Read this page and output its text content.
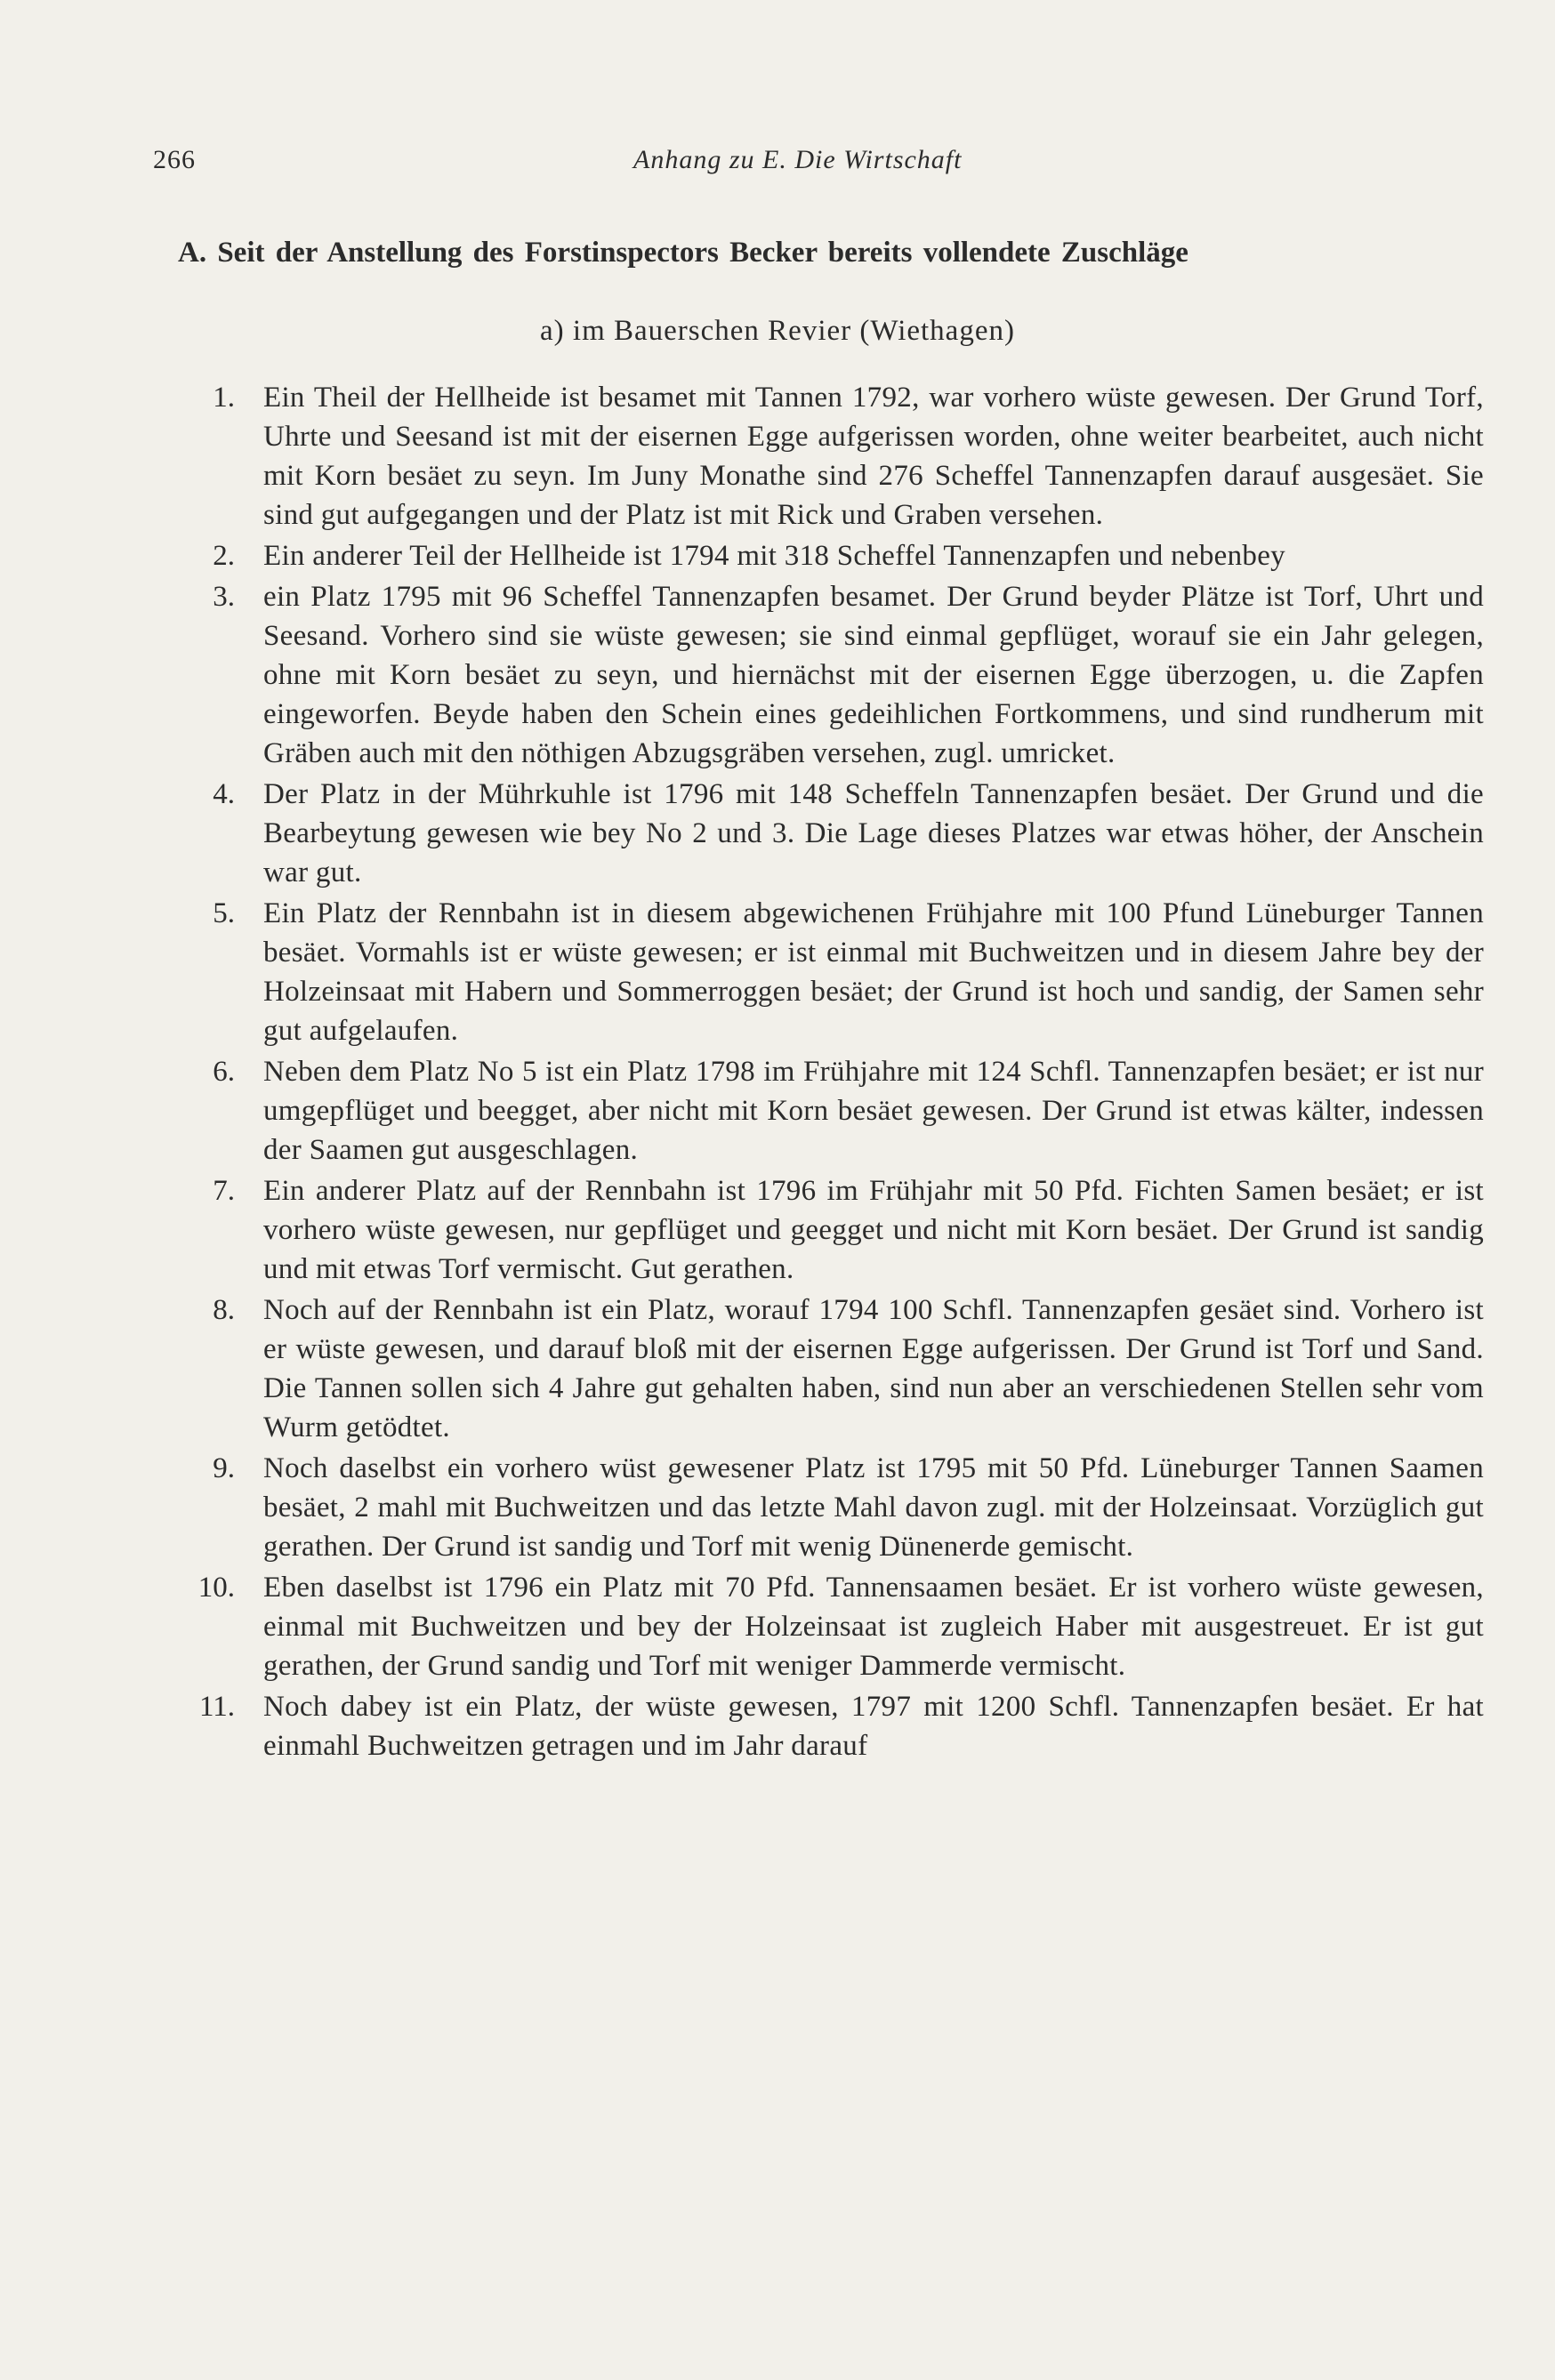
266	Anhang zu E. Die Wirtschaft
A. Seit der Anstellung des Forstinspectors Becker bereits vollendete Zuschläge
a) im Bauerschen Revier (Wiethagen)
1. Ein Theil der Hellheide ist besamet mit Tannen 1792, war vorhero wüste gewesen. Der Grund Torf, Uhrte und Seesand ist mit der eisernen Egge aufgerissen worden, ohne weiter bearbeitet, auch nicht mit Korn besäet zu seyn. Im Juny Monathe sind 276 Scheffel Tannenzapfen darauf ausgesäet. Sie sind gut aufgegangen und der Platz ist mit Rick und Graben versehen.
2. Ein anderer Teil der Hellheide ist 1794 mit 318 Scheffel Tannenzapfen und nebenbey
3. ein Platz 1795 mit 96 Scheffel Tannenzapfen besamet. Der Grund beyder Plätze ist Torf, Uhrt und Seesand. Vorhero sind sie wüste gewesen; sie sind einmal gepflüget, worauf sie ein Jahr gelegen, ohne mit Korn besäet zu seyn, und hiernächst mit der eisernen Egge überzogen, u. die Zapfen eingeworfen. Beyde haben den Schein eines gedeihlichen Fortkommens, und sind rundherum mit Gräben auch mit den nöthigen Abzugsgräben versehen, zugl. umricket.
4. Der Platz in der Mührkuhle ist 1796 mit 148 Scheffeln Tannenzapfen besäet. Der Grund und die Bearbeytung gewesen wie bey No 2 und 3. Die Lage dieses Platzes war etwas höher, der Anschein war gut.
5. Ein Platz der Rennbahn ist in diesem abgewichenen Frühjahre mit 100 Pfund Lüneburger Tannen besäet. Vormahls ist er wüste gewesen; er ist einmal mit Buchweitzen und in diesem Jahre bey der Holzeinsaat mit Habern und Sommerroggen besäet; der Grund ist hoch und sandig, der Samen sehr gut aufgelaufen.
6. Neben dem Platz No 5 ist ein Platz 1798 im Frühjahre mit 124 Schfl. Tannenzapfen besäet; er ist nur umgepflüget und beegget, aber nicht mit Korn besäet gewesen. Der Grund ist etwas kälter, indessen der Saamen gut ausgeschlagen.
7. Ein anderer Platz auf der Rennbahn ist 1796 im Frühjahr mit 50 Pfd. Fichten Samen besäet; er ist vorhero wüste gewesen, nur gepflüget und geegget und nicht mit Korn besäet. Der Grund ist sandig und mit etwas Torf vermischt. Gut gerathen.
8. Noch auf der Rennbahn ist ein Platz, worauf 1794 100 Schfl. Tannenzapfen gesäet sind. Vorhero ist er wüste gewesen, und darauf bloß mit der eisernen Egge aufgerissen. Der Grund ist Torf und Sand. Die Tannen sollen sich 4 Jahre gut gehalten haben, sind nun aber an verschiedenen Stellen sehr vom Wurm getödtet.
9. Noch daselbst ein vorhero wüst gewesener Platz ist 1795 mit 50 Pfd. Lüneburger Tannen Saamen besäet, 2 mahl mit Buchweitzen und das letzte Mahl davon zugl. mit der Holzeinsaat. Vorzüglich gut gerathen. Der Grund ist sandig und Torf mit wenig Dünenerde gemischt.
10. Eben daselbst ist 1796 ein Platz mit 70 Pfd. Tannensaamen besäet. Er ist vorhero wüste gewesen, einmal mit Buchweitzen und bey der Holzeinsaat ist zugleich Haber mit ausgestreuet. Er ist gut gerathen, der Grund sandig und Torf mit weniger Dammerde vermischt.
11. Noch dabey ist ein Platz, der wüste gewesen, 1797 mit 1200 Schfl. Tannenzapfen besäet. Er hat einmahl Buchweitzen getragen und im Jahr darauf
